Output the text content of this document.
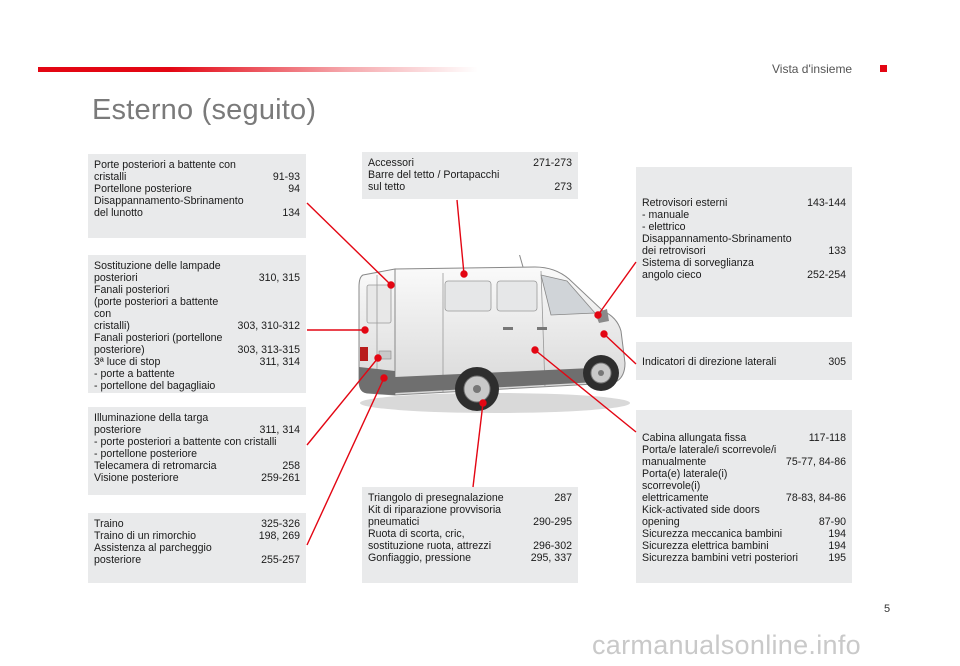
Vista d'insieme
Esterno (seguito)
Porte posteriori a battente con
cristalli	91-93
Portellone posteriore	94
Disappannamento-Sbrinamento
del lunotto	134
Sostituzione delle lampade
posteriori	310, 315
Fanali posteriori
(porte posteriori a battente con
cristalli)	303, 310-312
Fanali posteriori (portellone
posteriore)	303, 313-315
3ª luce di stop	311, 314
- porte a battente
- portellone del bagagliaio
Illuminazione della targa
posteriore	311, 314
- porte posteriori a battente con cristalli
- portellone posteriore
Telecamera di retromarcia	258
Visione posteriore	259-261
Traino	325-326
Traino di un rimorchio	198, 269
Assistenza al parcheggio
posteriore	255-257
Accessori	271-273
Barre del tetto / Portapacchi
sul tetto	273
Triangolo di presegnalazione	287
Kit di riparazione provvisoria
pneumatici	290-295
Ruota di scorta, cric,
sostituzione ruota, attrezzi	296-302
Gonfiaggio, pressione	295, 337
Retrovisori esterni	143-144
- manuale
- elettrico
Disappannamento-Sbrinamento
dei retrovisori	133
Sistema di sorveglianza
angolo cieco	252-254
Indicatori di direzione laterali	305
Cabina allungata fissa	117-118
Porta/e laterale/i scorrevole/i
manualmente	75-77, 84-86
Porta(e) laterale(i) scorrevole(i)
elettricamente	78-83, 84-86
Kick-activated side doors
opening	87-90
Sicurezza meccanica bambini	194
Sicurezza elettrica bambini	194
Sicurezza bambini vetri posteriori	195
5
carmanualsonline.info
